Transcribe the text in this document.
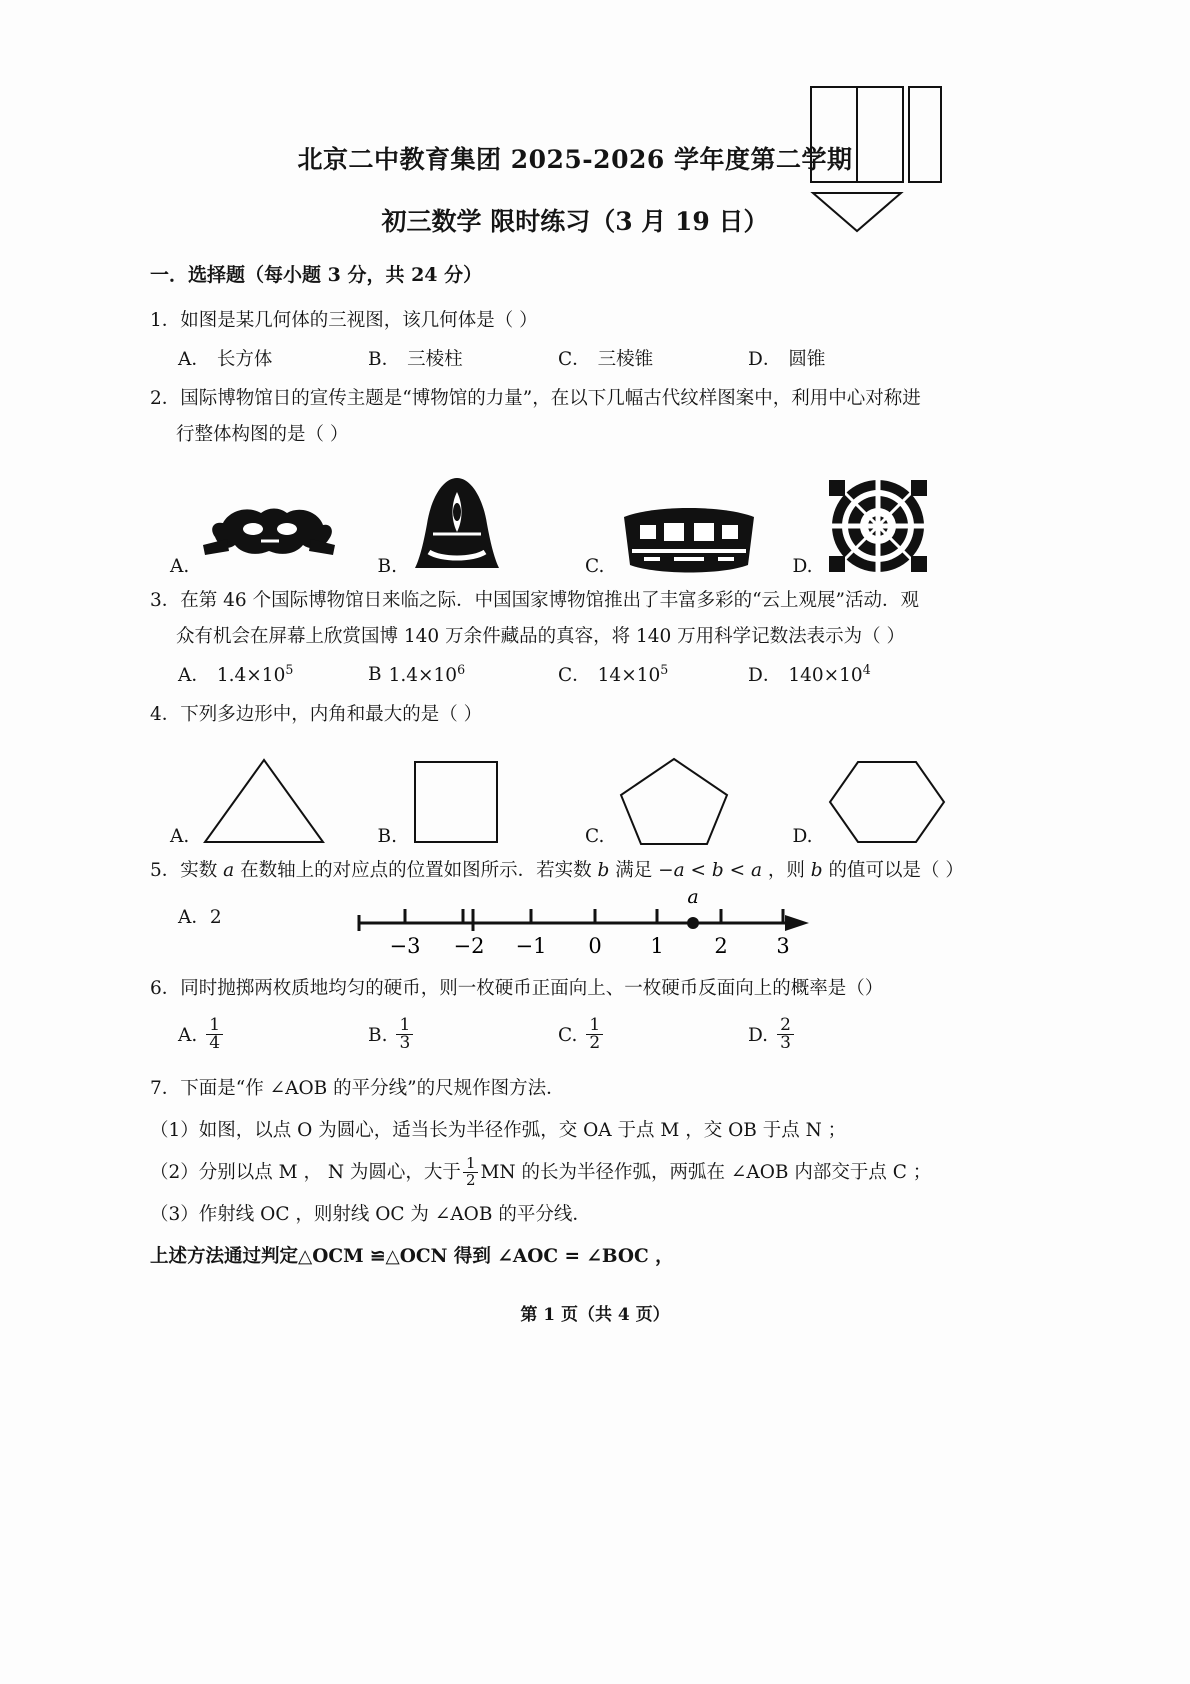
北京二中教育集团 2025-2026 学年度第二学期
初三数学 限时练习（3 月 19 日）
一．选择题（每小题 3 分，共 24 分）
1．如图是某几何体的三视图，该几何体是（ ）
A． 长方体	B． 三棱柱	C． 三棱锥	D． 圆锥
2．国际博物馆日的宣传主题是“博物馆的力量”，在以下几幅古代纹样图案中，利用中心对称进
行整体构图的是（ ）
A.	B.	C.	D.
3．在第 46 个国际博物馆日来临之际．中国国家博物馆推出了丰富多彩的“云上观展”活动．观
众有机会在屏幕上欣赏国博 140 万余件藏品的真容，将 140 万用科学记数法表示为（ ）
A． $1.4\times 10^5$	B $1.4\times 10^6$	C． $14\times 10^5$	D． $140\times 10^4$
4．下列多边形中，内角和最大的是（ ）
A.	B.	C.	D.
5．实数 a 在数轴上的对应点的位置如图所示．若实数 b 满足 −a < b < a ，则 b 的值可以是（ ）
A．2
a
−3 −2 −1 0 1 2 3
6．同时抛掷两枚质地均匀的硬币，则一枚硬币正面向上、一枚硬币反面向上的概率是（）
A. $\frac{1}{4}$	B. $\frac{1}{3}$	C. $\frac{1}{2}$	D. $\frac{2}{3}$
7．下面是“作 ∠AOB 的平分线”的尺规作图方法．
（1）如图，以点 O 为圆心，适当长为半径作弧，交 OA 于点 M ，交 OB 于点 N ；
（2）分别以点 M ， N 为圆心，大于 $\frac{1}{2}$ MN 的长为半径作弧，两弧在 ∠AOB 内部交于点 C ；
（3）作射线 OC ，则射线 OC 为 ∠AOB 的平分线．
上述方法通过判定△OCM ≌△OCN 得到 ∠AOC = ∠BOC ，
第 1 页（共 4 页）
